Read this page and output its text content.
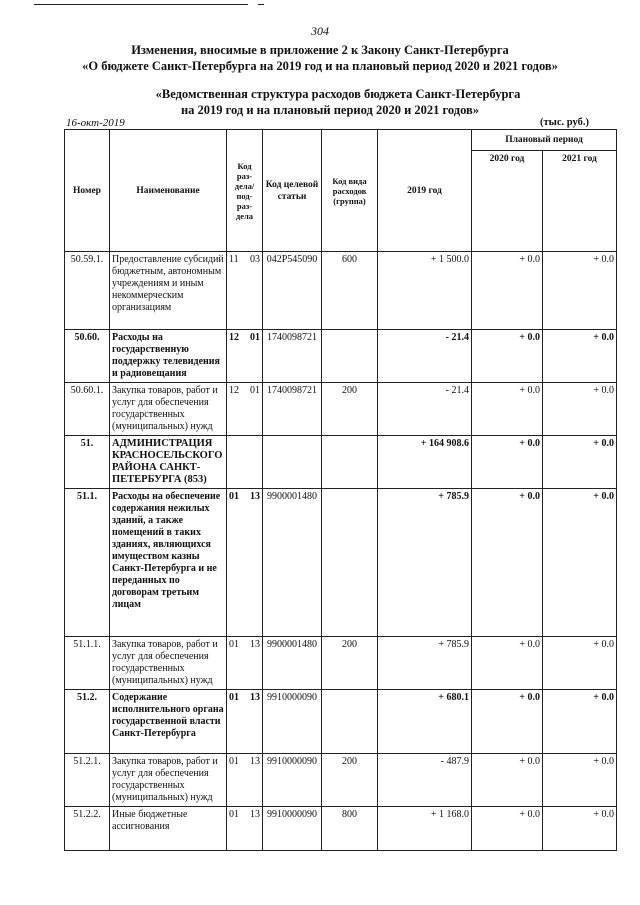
304
Изменения, вносимые в приложение 2 к Закону Санкт-Петербурга
«О бюджете Санкт-Петербурга на 2019 год и на плановый период 2020 и 2021 годов»
«Ведомственная структура расходов бюджета Санкт-Петербурга
на 2019 год и на плановый период 2020 и 2021 годов»
16-окт-2019	(тыс. руб.)
Номер	Наименование	Код раз-дела/ под-раз-дела	Код целевой статьи	Код вида расходов (группа)	2019 год	Плановый период	
						2020 год	2021 год
50.59.1.	Предоставление субсидий бюджетным, автономным учреждениям и иным некоммерческим организациям	11 03	042P545090	600	+ 1 500.0	+ 0.0	+ 0.0
50.60.	Расходы на государственную поддержку телевидения и радиовещания	12 01	1740098721		- 21.4	+ 0.0	+ 0.0
50.60.1.	Закупка товаров, работ и услуг для обеспечения государственных (муниципальных) нужд	12 01	1740098721	200	- 21.4	+ 0.0	+ 0.0
51.	АДМИНИСТРАЦИЯ КРАСНОСЕЛЬСКОГО РАЙОНА САНКТ-ПЕТЕРБУРГА (853)				+ 164 908.6	+ 0.0	+ 0.0
51.1.	Расходы на обеспечение содержания нежилых зданий, а также помещений в таких зданиях, являющихся имуществом казны Санкт-Петербурга и не переданных по договорам третьим лицам	01 13	9900001480		+ 785.9	+ 0.0	+ 0.0
51.1.1.	Закупка товаров, работ и услуг для обеспечения государственных (муниципальных) нужд	01 13	9900001480	200	+ 785.9	+ 0.0	+ 0.0
51.2.	Содержание исполнительного органа государственной власти Санкт-Петербурга	01 13	9910000090		+ 680.1	+ 0.0	+ 0.0
51.2.1.	Закупка товаров, работ и услуг для обеспечения государственных (муниципальных) нужд	01 13	9910000090	200	- 487.9	+ 0.0	+ 0.0
51.2.2.	Иные бюджетные ассигнования	01 13	9910000090	800	+ 1 168.0	+ 0.0	+ 0.0
